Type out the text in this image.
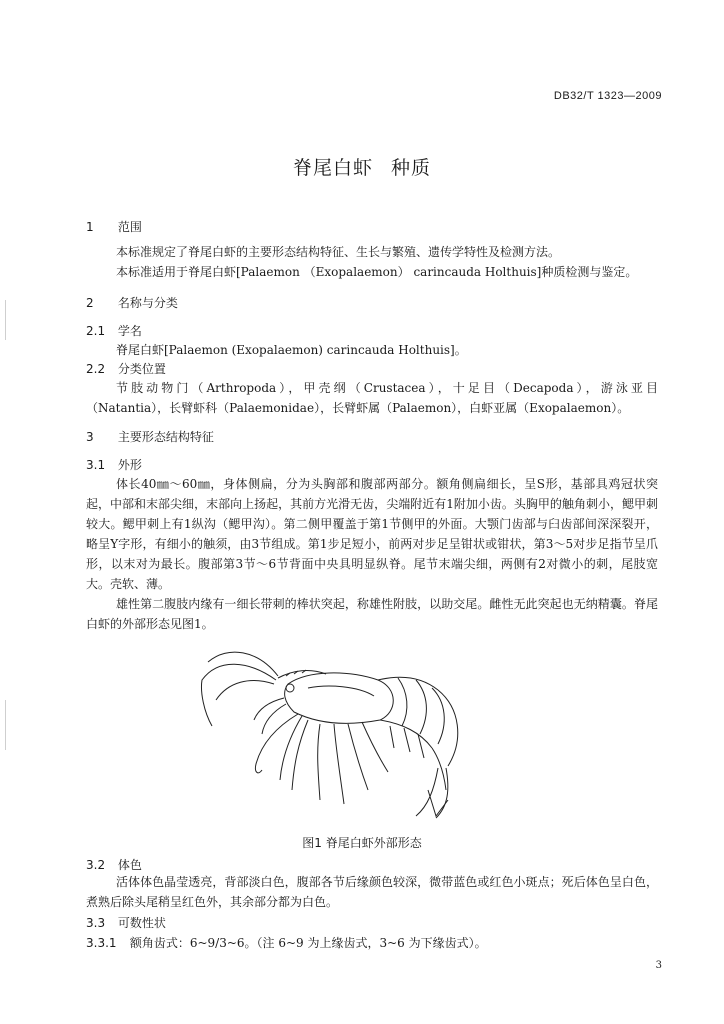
DB32/T 1323—2009
脊尾白虾 种质
1 范围
本标准规定了脊尾白虾的主要形态结构特征、生长与繁殖、遗传学特性及检测方法。
本标准适用于脊尾白虾[Palaemon （Exopalaemon） carincauda Holthuis]种质检测与鉴定。
2 名称与分类
2.1 学名
脊尾白虾[Palaemon (Exopalaemon) carincauda Holthuis]。
2.2 分类位置
节肢动物门（Arthropoda），甲壳纲（Crustacea），十足目（Decapoda），游泳亚目（Natantia），长臂虾科（Palaemonidae），长臂虾属（Palaemon），白虾亚属（Exopalaemon）。
3 主要形态结构特征
3.1 外形
体长40㎜～60㎜，身体侧扁，分为头胸部和腹部两部分。额角侧扁细长，呈S形，基部具鸡冠状突起，中部和末部尖细，末部向上扬起，其前方光滑无齿，尖端附近有1附加小齿。头胸甲的触角刺小，鳃甲刺较大。鳃甲刺上有1纵沟（鳃甲沟）。第二侧甲覆盖于第1节侧甲的外面。大颚门齿部与臼齿部间深深裂开，略呈Y字形，有细小的触须，由3节组成。第1步足短小，前两对步足呈钳状或钳状，第3～5对步足指节呈爪形，以末对为最长。腹部第3节～6节背面中央具明显纵脊。尾节末端尖细，两侧有2对微小的刺，尾肢宽大。壳软、薄。
雄性第二腹肢内缘有一细长带刺的棒状突起，称雄性附肢，以助交尾。雌性无此突起也无纳精囊。脊尾白虾的外部形态见图1。
图1 脊尾白虾外部形态
3.2 体色
活体体色晶莹透亮，背部淡白色，腹部各节后缘颜色较深，微带蓝色或红色小斑点；死后体色呈白色，煮熟后除头尾稍呈红色外，其余部分都为白色。
3.3 可数性状
3.3.1 额角齿式：6~9/3~6。（注 6~9 为上缘齿式，3~6 为下缘齿式）。
3
